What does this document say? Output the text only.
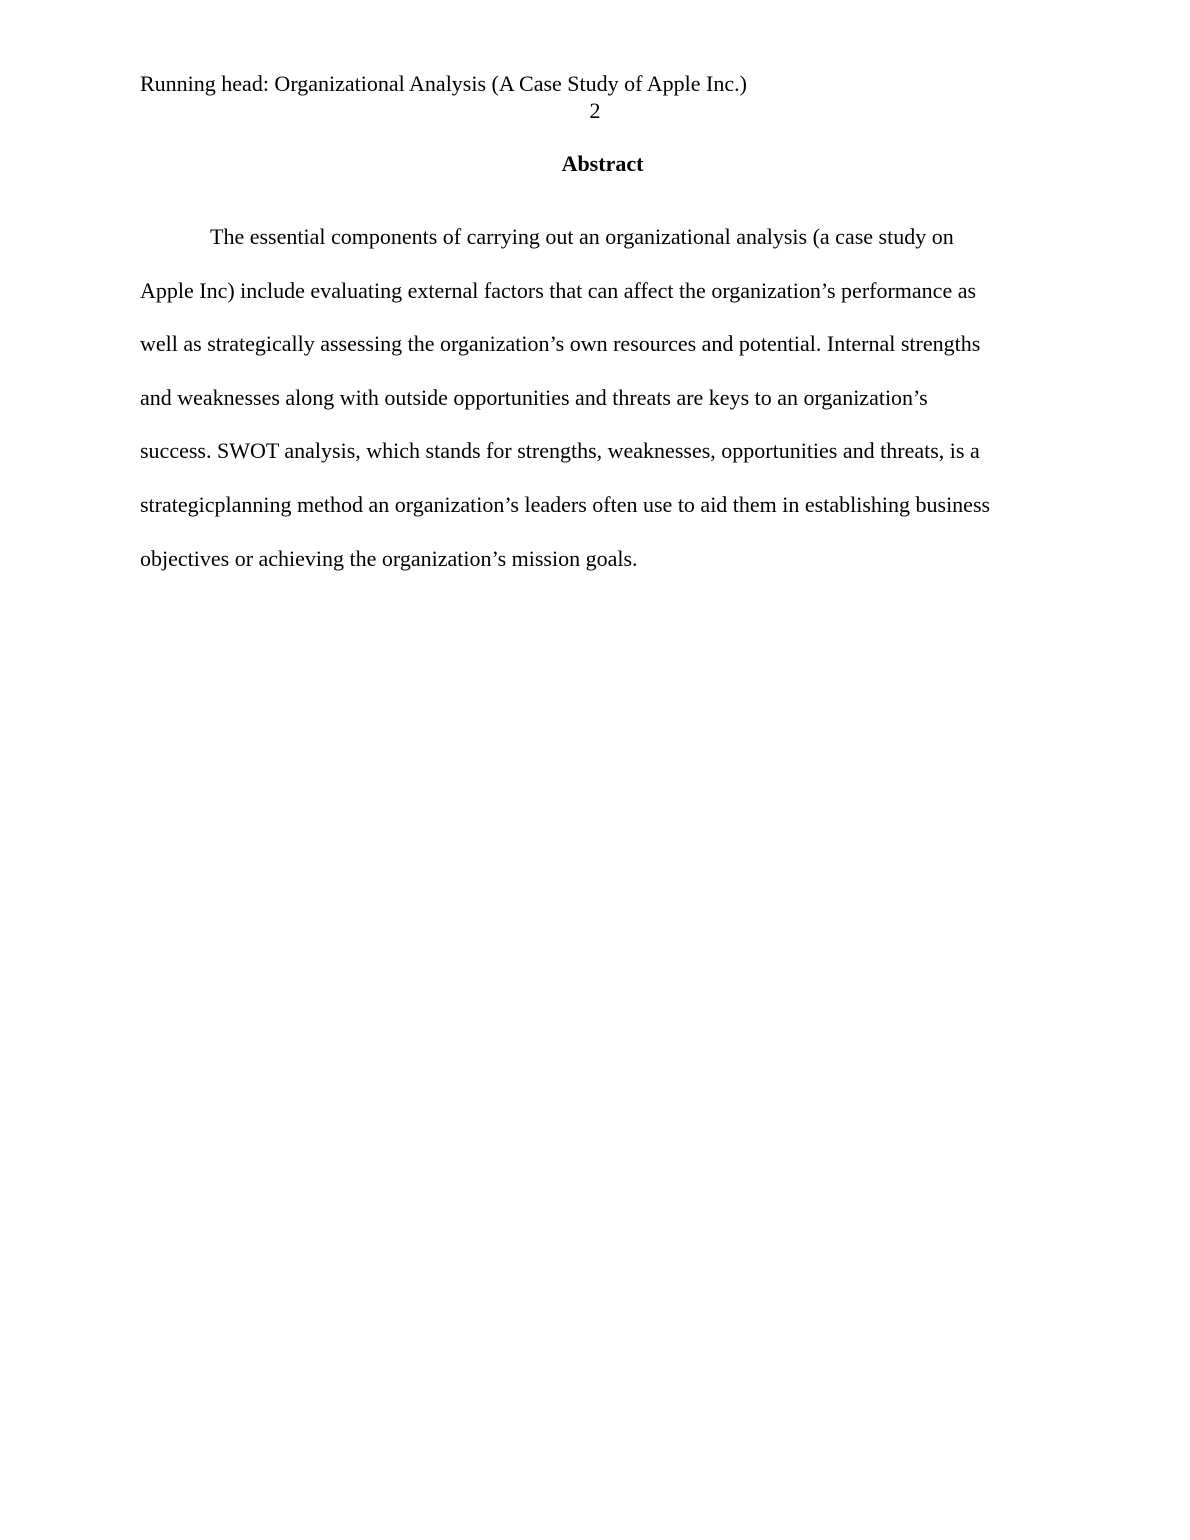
Running head: Organizational Analysis (A Case Study of Apple Inc.)
2
Abstract
The essential components of carrying out an organizational analysis (a case study on
Apple Inc) include evaluating external factors that can affect the organization’s performance as
well as strategically assessing the organization’s own resources and potential. Internal strengths
and weaknesses along with outside opportunities and threats are keys to an organization’s
success. SWOT analysis, which stands for strengths, weaknesses, opportunities and threats, is a
strategicplanning method an organization’s leaders often use to aid them in establishing business
objectives or achieving the organization’s mission goals.
